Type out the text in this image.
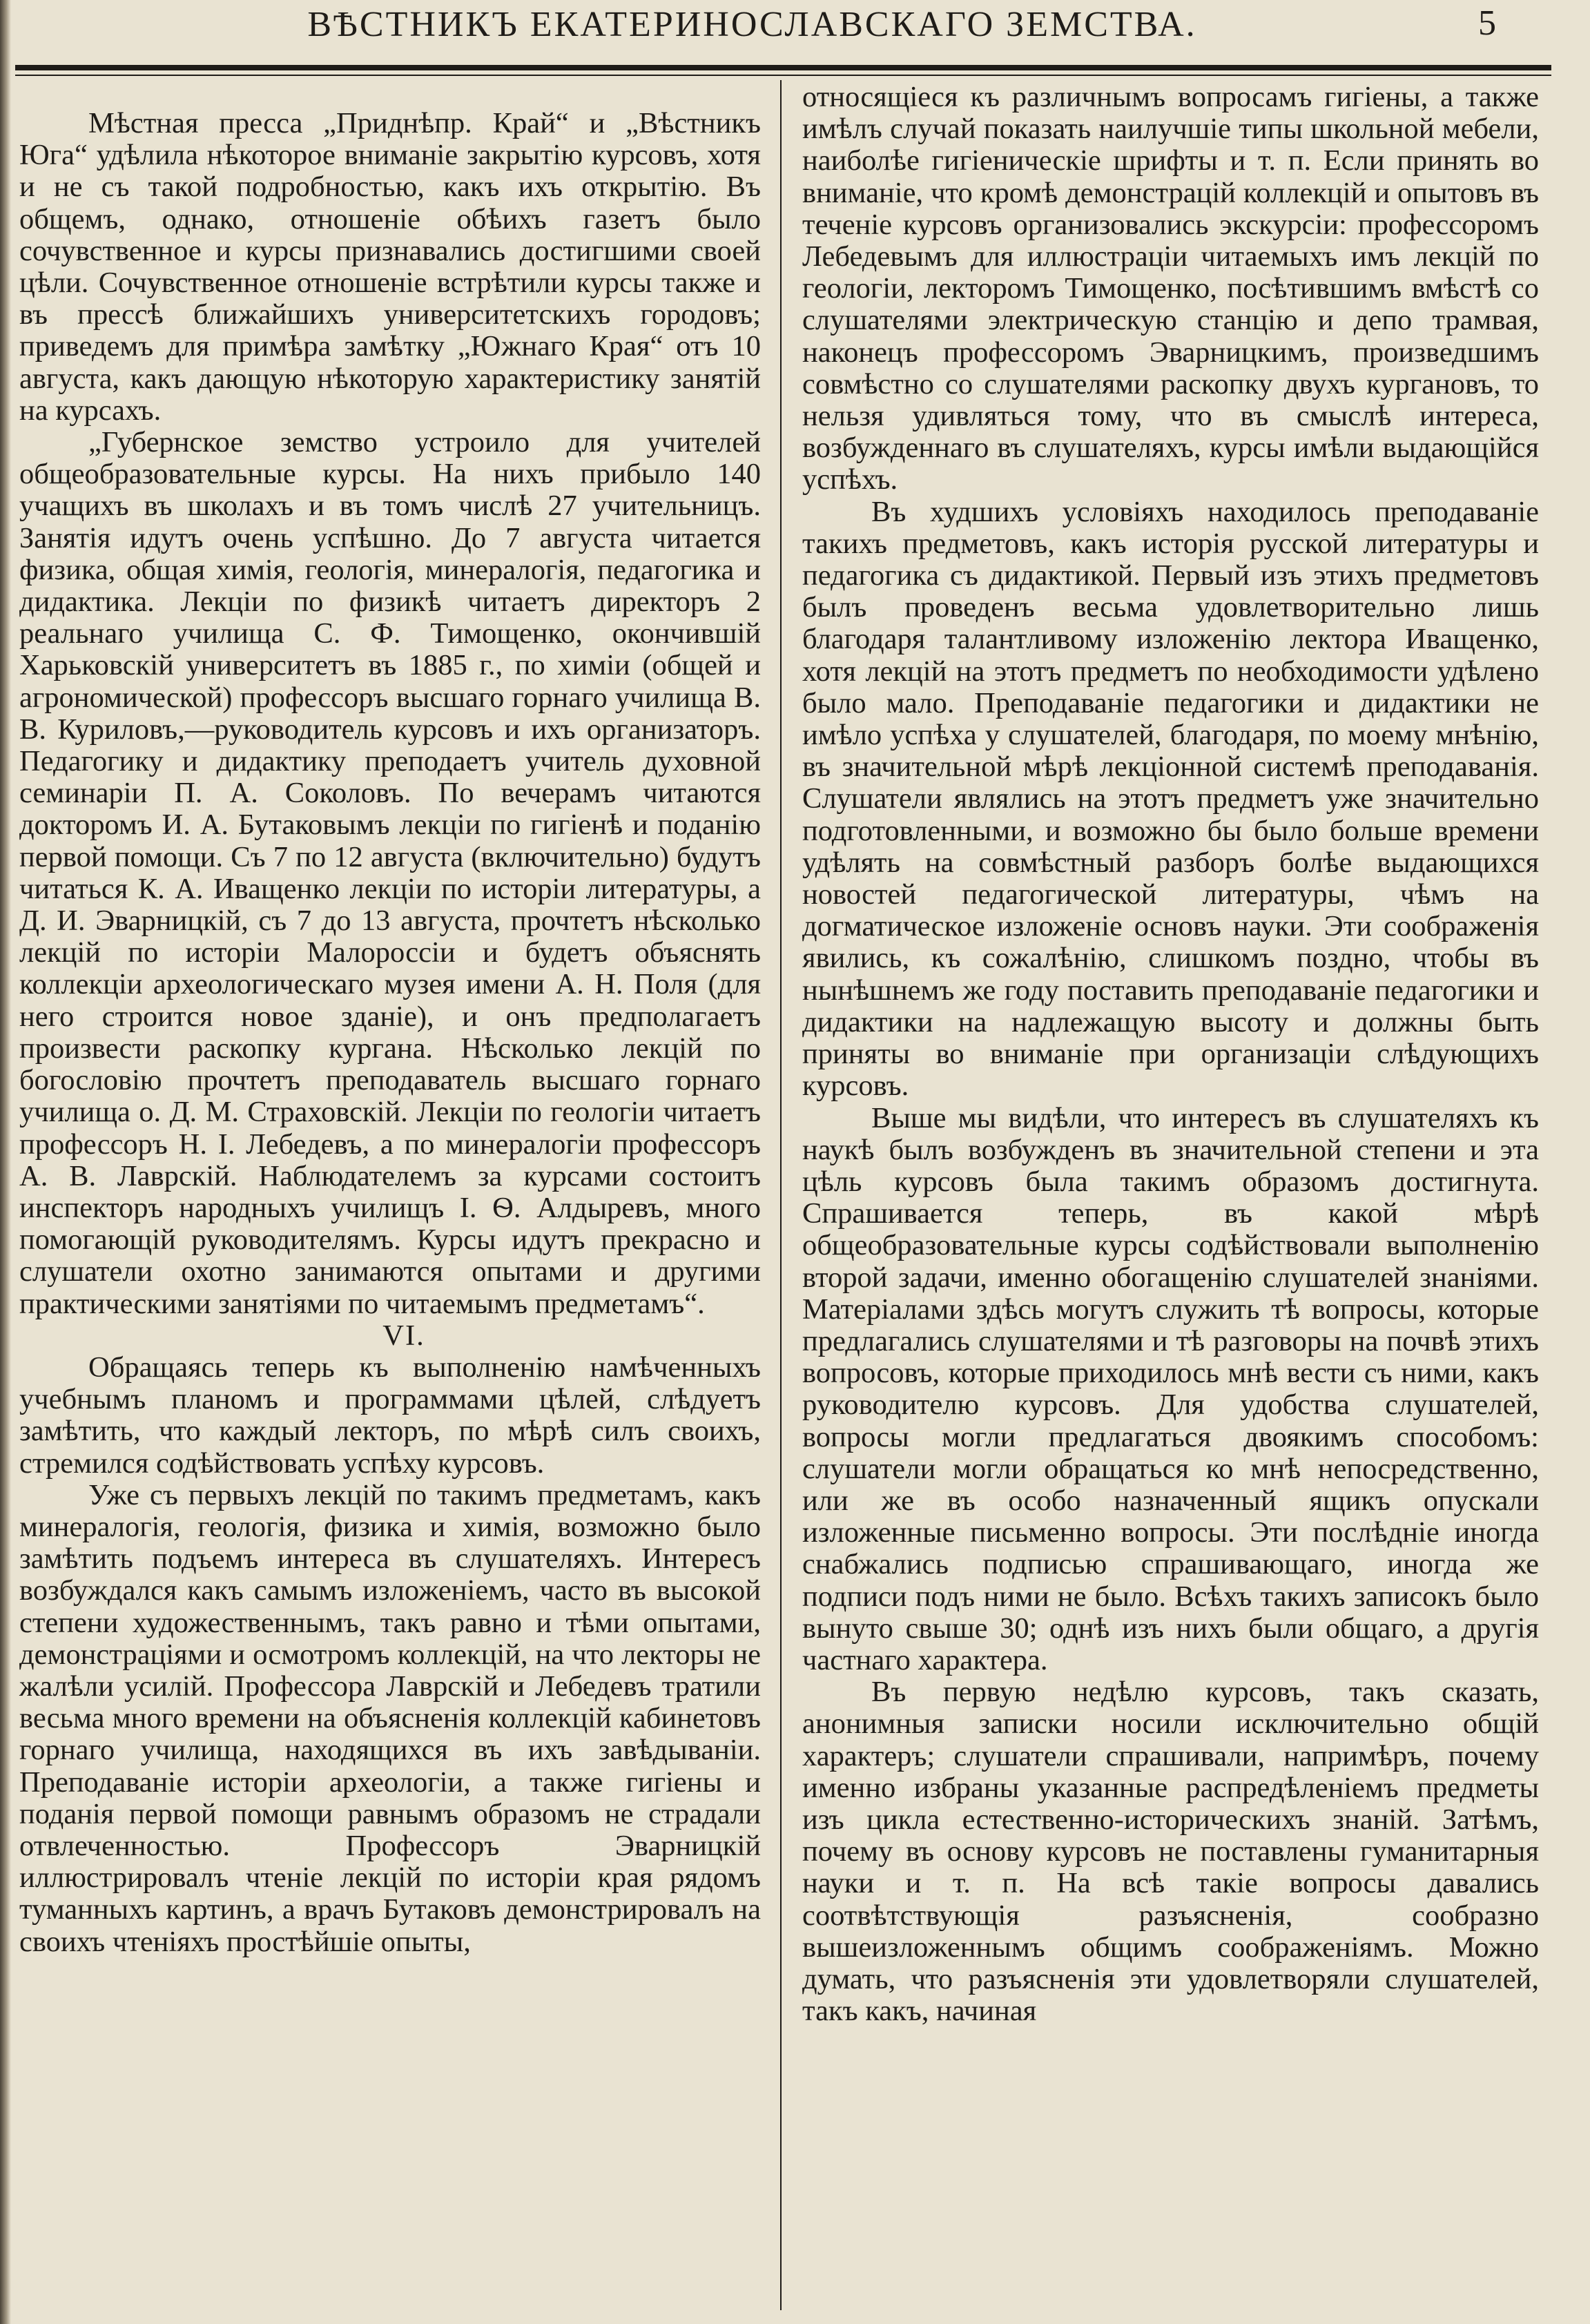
ВѢСТНИКЪ ЕКАТЕРИНОСЛАВСКАГО ЗЕМСТВА.	5

Мѣстная пресса „Приднѣпр. Край“ и „Вѣстникъ Юга“ удѣлила нѣкоторое вниманіе закрытію курсовъ, хотя и не съ такой подробностью, какъ ихъ открытію. Въ общемъ, однако, отношеніе обѣихъ газетъ было сочувственное и курсы признавались достигшими своей цѣли. Сочувственное отношеніе встрѣтили курсы также и въ прессѣ ближайшихъ университетскихъ городовъ; приведемъ для примѣра замѣтку „Южнаго Края“ отъ 10 августа, какъ дающую нѣкоторую характеристику занятій на курсахъ.

„Губернское земство устроило для учителей общеобразовательные курсы. На нихъ прибыло 140 учащихъ въ школахъ и въ томъ числѣ 27 учительницъ. Занятія идутъ очень успѣшно. До 7 августа читается физика, общая химія, геологія, минералогія, педагогика и дидактика. Лекціи по физикѣ читаетъ директоръ 2 реальнаго училища С. Ф. Тимощенко, окончившій Харьковскій университетъ въ 1885 г., по химіи (общей и агрономической) профессоръ высшаго горнаго училища В. В. Куриловъ,—руководитель курсовъ и ихъ организаторъ. Педагогику и дидактику преподаетъ учитель духовной семинаріи П. А. Соколовъ. По вечерамъ читаются докторомъ И. А. Бутаковымъ лекціи по гигіенѣ и поданію первой помощи. Съ 7 по 12 августа (включительно) будутъ читаться К. А. Иващенко лекціи по исторіи литературы, а Д. И. Эварницкій, съ 7 до 13 августа, прочтетъ нѣсколько лекцій по исторіи Малороссіи и будетъ объяснять коллекціи археологическаго музея имени А. Н. Поля (для него строится новое зданіе), и онъ предполагаетъ произвести раскопку кургана. Нѣсколько лекцій по богословію прочтетъ преподаватель высшаго горнаго училища о. Д. М. Страховскій. Лекціи по геологіи читаетъ профессоръ Н. І. Лебедевъ, а по минералогіи профессоръ А. В. Лаврскій. Наблюдателемъ за курсами состоитъ инспекторъ народныхъ училищъ І. Ѳ. Алдыревъ, много помогающій руководителямъ. Курсы идутъ прекрасно и слушатели охотно занимаются опытами и другими практическими занятіями по читаемымъ предметамъ“.

VI.

Обращаясь теперь къ выполненію намѣченныхъ учебнымъ планомъ и программами цѣлей, слѣдуетъ замѣтить, что каждый лекторъ, по мѣрѣ силъ своихъ, стремился содѣйствовать успѣху курсовъ.

Уже съ первыхъ лекцій по такимъ предметамъ, какъ минералогія, геологія, физика и химія, возможно было замѣтить подъемъ интереса въ слушателяхъ. Интересъ возбуждался какъ самымъ изложеніемъ, часто въ высокой степени художественнымъ, такъ равно и тѣми опытами, демонстраціями и осмотромъ коллекцій, на что лекторы не жалѣли усилій. Профессора Лаврскій и Лебедевъ тратили весьма много времени на объясненія коллекцій кабинетовъ горнаго училища, находящихся въ ихъ завѣдываніи. Преподаваніе исторіи археологіи, а также гигіены и поданія первой помощи равнымъ образомъ не страдали отвлеченностью. Профессоръ Эварницкій иллюстрировалъ чтеніе лекцій по исторіи края рядомъ туманныхъ картинъ, а врачъ Бутаковъ демонстрировалъ на своихъ чтеніяхъ простѣйшіе опыты,

относящіеся къ различнымъ вопросамъ гигіены, а также имѣлъ случай показать наилучшіе типы школьной мебели, наиболѣе гигіеническіе шрифты и т. п. Если принять во вниманіе, что кромѣ демонстрацій коллекцій и опытовъ въ теченіе курсовъ организовались экскурсіи: профессоромъ Лебедевымъ для иллюстраціи читаемыхъ имъ лекцій по геологіи, лекторомъ Тимощенко, посѣтившимъ вмѣстѣ со слушателями электрическую станцію и депо трамвая, наконецъ профессоромъ Эварницкимъ, произведшимъ совмѣстно со слушателями раскопку двухъ кургановъ, то нельзя удивляться тому, что въ смыслѣ интереса, возбужденнаго въ слушателяхъ, курсы имѣли выдающійся успѣхъ.

Въ худшихъ условіяхъ находилось преподаваніе такихъ предметовъ, какъ исторія русской литературы и педагогика съ дидактикой. Первый изъ этихъ предметовъ былъ проведенъ весьма удовлетворительно лишь благодаря талантливому изложенію лектора Иващенко, хотя лекцій на этотъ предметъ по необходимости удѣлено было мало. Преподаваніе педагогики и дидактики не имѣло успѣха у слушателей, благодаря, по моему мнѣнію, въ значительной мѣрѣ лекціонной системѣ преподаванія. Слушатели являлись на этотъ предметъ уже значительно подготовленными, и возможно бы было больше времени удѣлять на совмѣстный разборъ болѣе выдающихся новостей педагогической литературы, чѣмъ на догматическое изложеніе основъ науки. Эти соображенія явились, къ сожалѣнію, слишкомъ поздно, чтобы въ нынѣшнемъ же году поставить преподаваніе педагогики и дидактики на надлежащую высоту и должны быть приняты во вниманіе при организаціи слѣдующихъ курсовъ.

Выше мы видѣли, что интересъ въ слушателяхъ къ наукѣ былъ возбужденъ въ значительной степени и эта цѣль курсовъ была такимъ образомъ достигнута. Спрашивается теперь, въ какой мѣрѣ общеобразовательные курсы содѣйствовали выполненію второй задачи, именно обогащенію слушателей знаніями. Матеріалами здѣсь могутъ служить тѣ вопросы, которые предлагались слушателями и тѣ разговоры на почвѣ этихъ вопросовъ, которые приходилось мнѣ вести съ ними, какъ руководителю курсовъ. Для удобства слушателей, вопросы могли предлагаться двоякимъ способомъ: слушатели могли обращаться ко мнѣ непосредственно, или же въ особо назначенный ящикъ опускали изложенные письменно вопросы. Эти послѣдніе иногда снабжались подписью спрашивающаго, иногда же подписи подъ ними не было. Всѣхъ такихъ записокъ было вынуто свыше 30; однѣ изъ нихъ были общаго, а другія частнаго характера.

Въ первую недѣлю курсовъ, такъ сказать, анонимныя записки носили исключительно общій характеръ; слушатели спрашивали, напримѣръ, почему именно избраны указанные распредѣленіемъ предметы изъ цикла естественно-историческихъ знаній. Затѣмъ, почему въ основу курсовъ не поставлены гуманитарныя науки и т. п. На всѣ такіе вопросы давались соотвѣтствующія разъясненія, сообразно вышеизложеннымъ общимъ соображеніямъ. Можно думать, что разъясненія эти удовлетворяли слушателей, такъ какъ, начиная
